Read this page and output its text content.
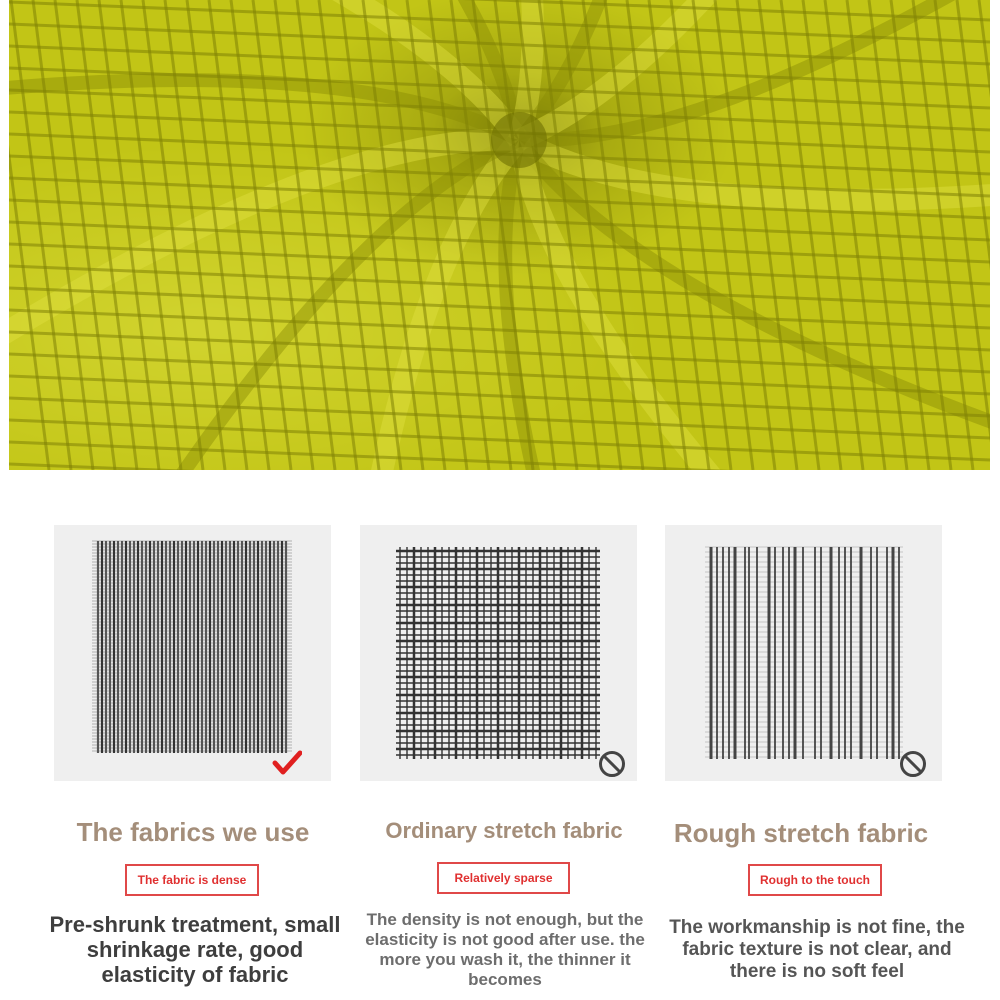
The fabrics we use	Ordinary stretch fabric	Rough stretch fabric
The fabric is dense	Relatively sparse	Rough to the touch
Pre-shrunk treatment, small shrinkage rate, good elasticity of fabric
The density is not enough, but the elasticity is not good after use. the more you wash it, the thinner it becomes
The workmanship is not fine, the fabric texture is not clear, and there is no soft feel
